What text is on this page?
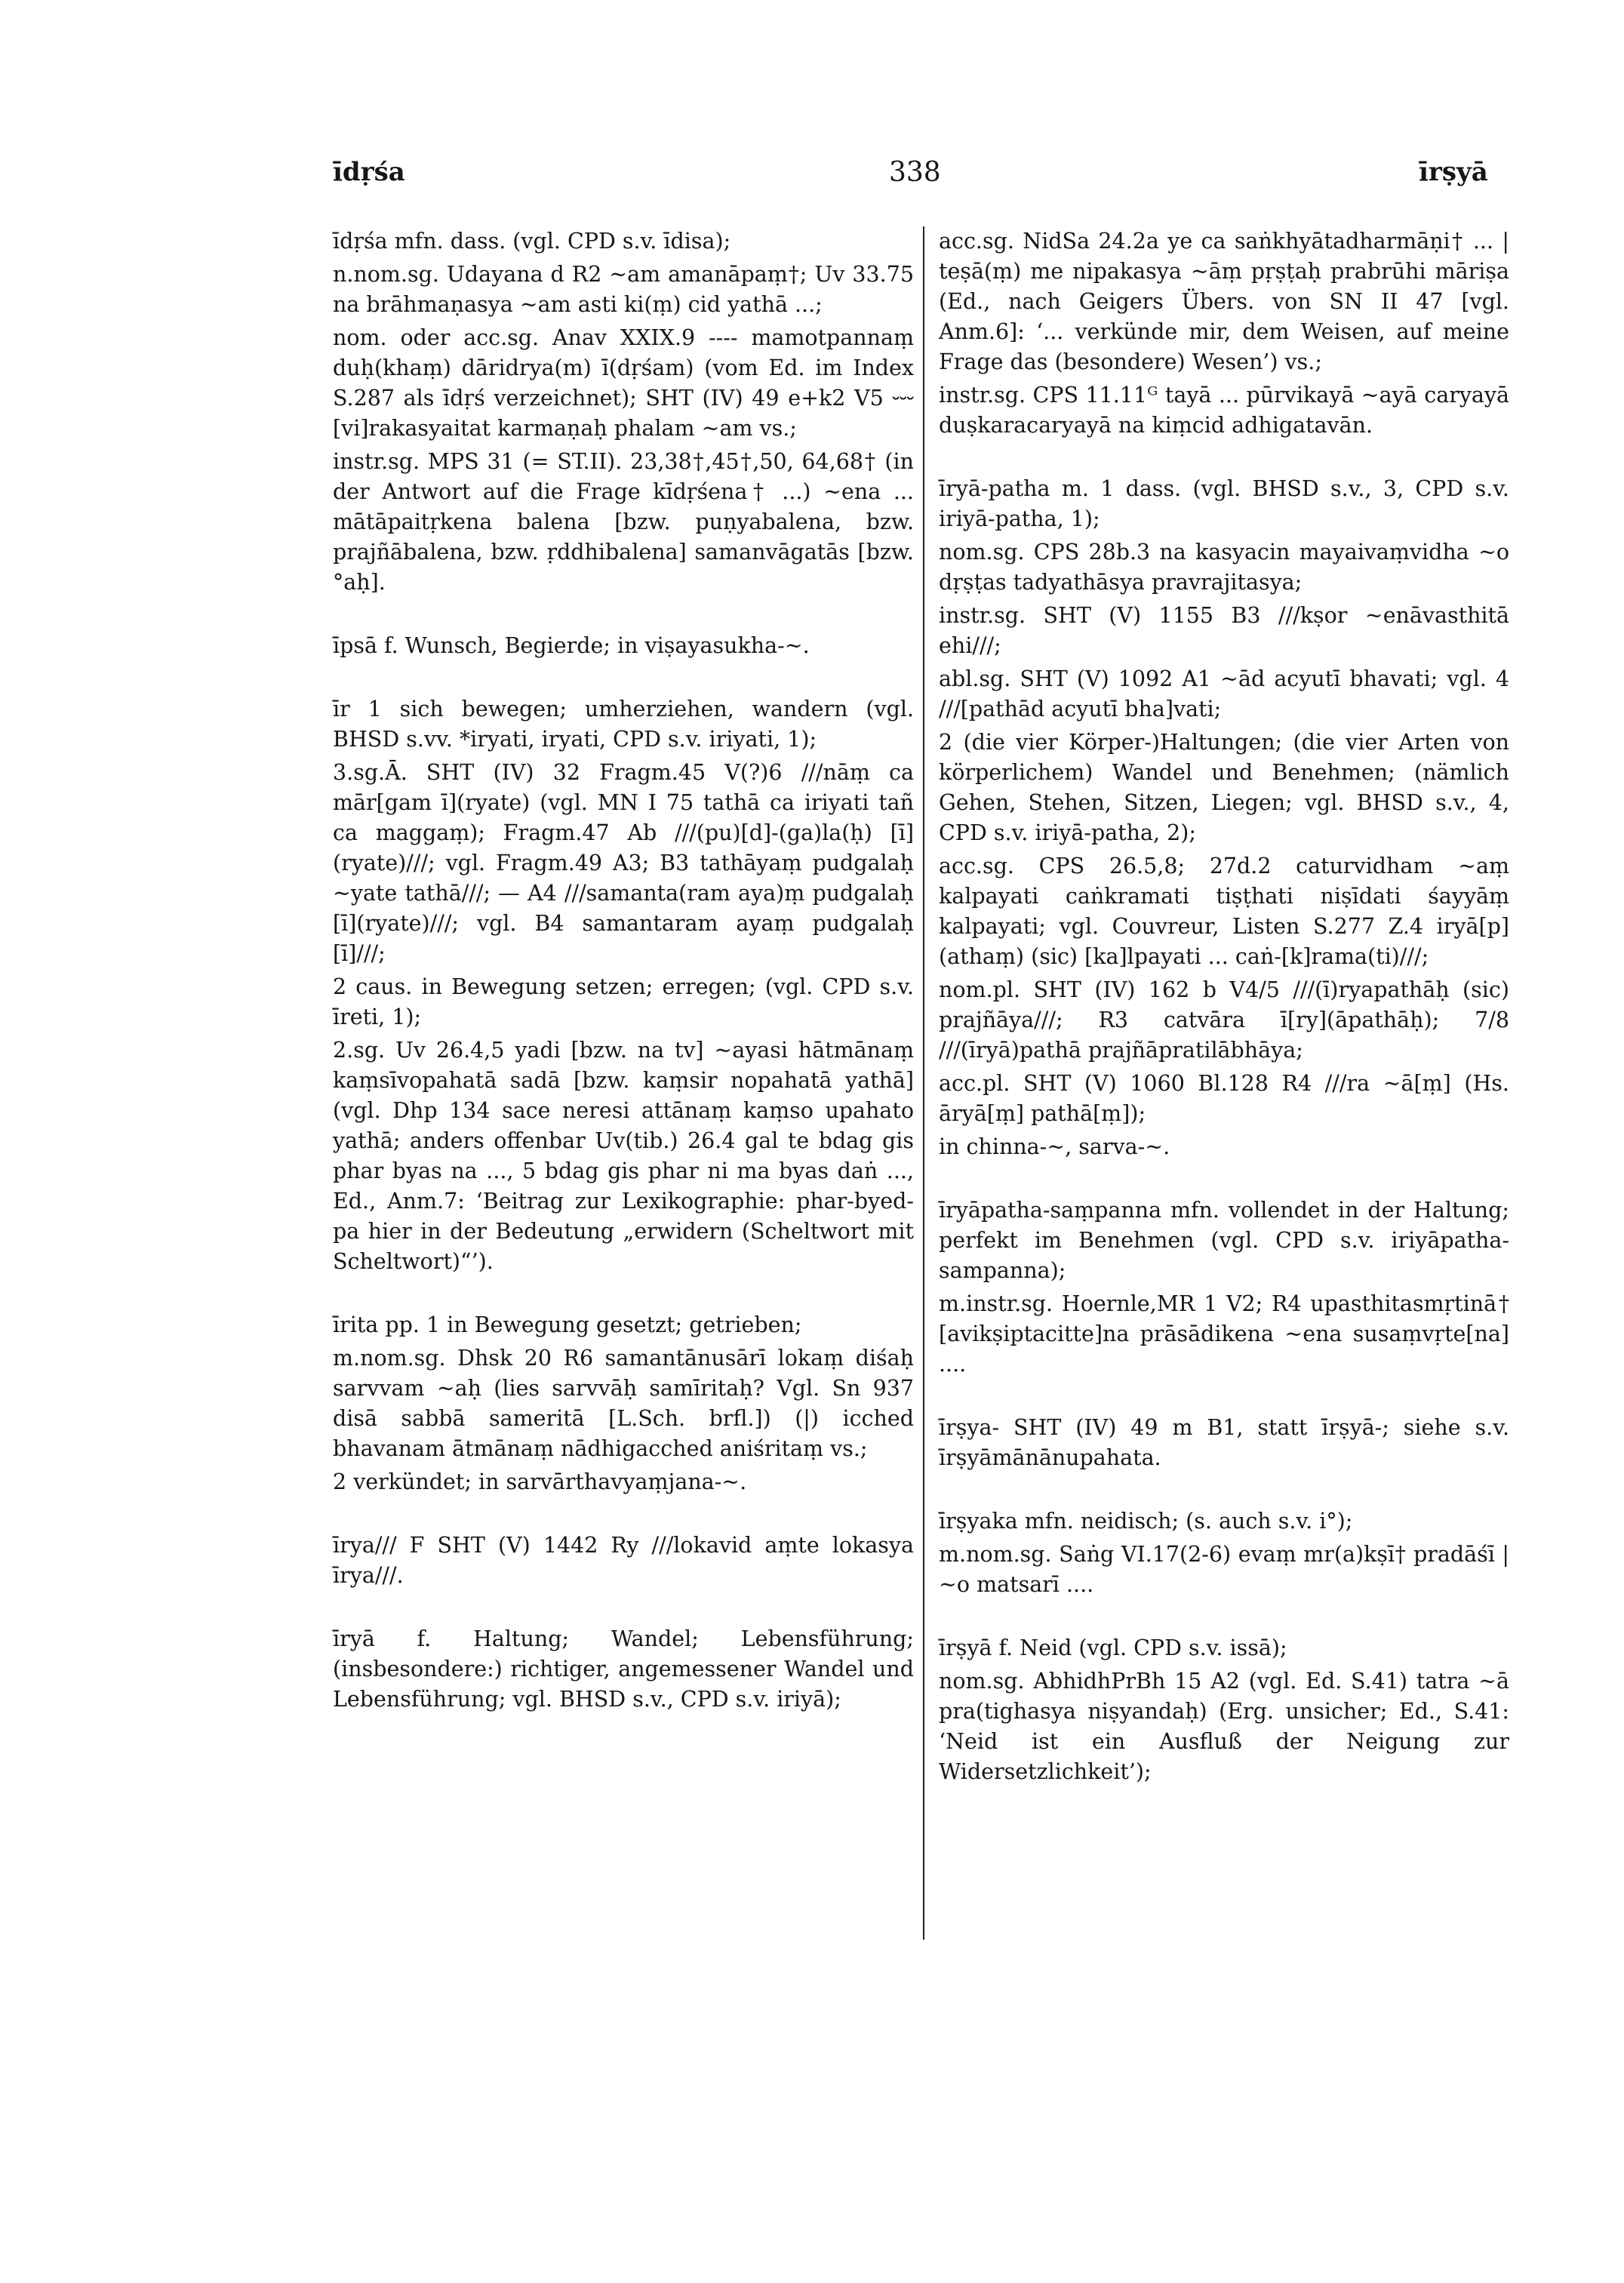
īdṛśa	338	īrṣyā

īdṛśa mfn. dass. (vgl. CPD s.v. īdisa);

n.nom.sg. Udayana d R2 ~am amanāpaṃ†; Uv 33.75 na brāhmaṇasya ~am asti ki(ṃ) cid yathā ...;

nom. oder acc.sg. Anav XXIX.9 ---- mamotpannaṃ duḥ(khaṃ) dāridrya(m) ī(dṛśam) (vom Ed. im Index S.287 als īdṛś verzeichnet); SHT (IV) 49 e+k2 V5 ⏑⏑⏑ [vi]rakasyaitat karmaṇaḥ phalam ~am vs.;

instr.sg. MPS 31 (= ST.II). 23,38†,45†,50, 64,68† (in der Antwort auf die Frage kīdṛśena† ...) ~ena ... mātāpaitṛkena balena [bzw. puṇyabalena, bzw. prajñābalena, bzw. ṛddhibalena] samanvāgatās [bzw. °aḥ].

īpsā f. Wunsch, Begierde; in viṣayasukha-~.

īr 1 sich bewegen; umherziehen, wandern (vgl. BHSD s.vv. *iryati, iryati, CPD s.v. iriyati, 1);

3.sg.Ā. SHT (IV) 32 Fragm.45 V(?)6 ///nāṃ ca mār[gam ī](ryate) (vgl. MN I 75 tathā ca iriyati tañ ca maggaṃ); Fragm.47 Ab ///(pu)[d]-(ga)la(ḥ) [ī](ryate)///; vgl. Fragm.49 A3; B3 tathāyaṃ pudgalaḥ ~yate tathā///; — A4 ///samanta(ram aya)ṃ pudgalaḥ [ī](ryate)///; vgl. B4 samantaram ayaṃ pudgalaḥ [ī]///;

2 caus. in Bewegung setzen; erregen; (vgl. CPD s.v. īreti, 1);

2.sg. Uv 26.4,5 yadi [bzw. na tv] ~ayasi hātmānaṃ kaṃsīvopahatā sadā [bzw. kaṃsir nopahatā yathā] (vgl. Dhp 134 sace neresi attānaṃ kaṃso upahato yathā; anders offenbar Uv(tib.) 26.4 gal te bdag gis phar byas na ..., 5 bdag gis phar ni ma byas daṅ ..., Ed., Anm.7: ‘Beitrag zur Lexikographie: phar-byed-pa hier in der Bedeutung „erwidern (Scheltwort mit Scheltwort)“’).

īrita pp. 1 in Bewegung gesetzt; getrieben;

m.nom.sg. Dhsk 20 R6 samantānusārī lokaṃ diśaḥ sarvvam ~aḥ (lies sarvvāḥ samīritaḥ? Vgl. Sn 937 disā sabbā sameritā [L.Sch. brfl.]) (|) icched bhavanam ātmānaṃ nādhigacched aniśritaṃ vs.;

2 verkündet; in sarvārthavyaṃjana-~.

īrya/// F SHT (V) 1442 Ry ///lokavid aṃte lokasya īrya///.

īryā f. Haltung; Wandel; Lebensführung; (insbesondere:) richtiger, angemessener Wandel und Lebensführung; vgl. BHSD s.v., CPD s.v. iriyā);

acc.sg. NidSa 24.2a ye ca saṅkhyātadharmāṇi† ... | teṣā(ṃ) me nipakasya ~āṃ pṛṣṭaḥ prabrūhi māriṣa (Ed., nach Geigers Übers. von SN II 47 [vgl. Anm.6]: ‘... verkünde mir, dem Weisen, auf meine Frage das (besondere) Wesen’) vs.;

instr.sg. CPS 11.11ᴳ tayā ... pūrvikayā ~ayā caryayā duṣkaracaryayā na kiṃcid adhigatavān.

īryā-patha m. 1 dass. (vgl. BHSD s.v., 3, CPD s.v. iriyā-patha, 1);

nom.sg. CPS 28b.3 na kasyacin mayaivaṃvidha ~o dṛṣṭas tadyathāsya pravrajitasya;

instr.sg. SHT (V) 1155 B3 ///kṣor ~enāvasthitā ehi///;

abl.sg. SHT (V) 1092 A1 ~ād acyutī bhavati; vgl. 4 ///[pathād acyutī bha]vati;

2 (die vier Körper-)Haltungen; (die vier Arten von körperlichem) Wandel und Benehmen; (nämlich Gehen, Stehen, Sitzen, Liegen; vgl. BHSD s.v., 4, CPD s.v. iriyā-patha, 2);

acc.sg. CPS 26.5,8; 27d.2 caturvidham ~aṃ kalpayati caṅkramati tiṣṭhati niṣīdati śayyāṃ kalpayati; vgl. Couvreur, Listen S.277 Z.4 iryā[p](athaṃ) (sic) [ka]lpayati ... caṅ-[k]rama(ti)///;

nom.pl. SHT (IV) 162 b V4/5 ///(ī)ryapathāḥ (sic) prajñāya///; R3 catvāra ī[ry](āpathāḥ); 7/8 ///(īryā)pathā prajñāpratilābhāya;

acc.pl. SHT (V) 1060 Bl.128 R4 ///ra ~ā[ṃ] (Hs. āryā[ṃ] pathā[ṃ]);

in chinna-~, sarva-~.

īryāpatha-saṃpanna mfn. vollendet in der Haltung; perfekt im Benehmen (vgl. CPD s.v. iriyāpatha-sampanna);

m.instr.sg. Hoernle,MR 1 V2; R4 upasthitasmṛtinā† [avikṣiptacitte]na prāsādikena ~ena susaṃvṛte[na] ....

īrṣya- SHT (IV) 49 m B1, statt īrṣyā-; siehe s.v. īrṣyāmānānupahata.

īrṣyaka mfn. neidisch; (s. auch s.v. i°);

m.nom.sg. Saṅg VI.17(2-6) evaṃ mr(a)kṣī† pradāśī | ~o matsarī ....

īrṣyā f. Neid (vgl. CPD s.v. issā);

nom.sg. AbhidhPrBh 15 A2 (vgl. Ed. S.41) tatra ~ā pra(tighasya niṣyandaḥ) (Erg. unsicher; Ed., S.41: ‘Neid ist ein Ausfluß der Neigung zur Widersetzlichkeit’);
